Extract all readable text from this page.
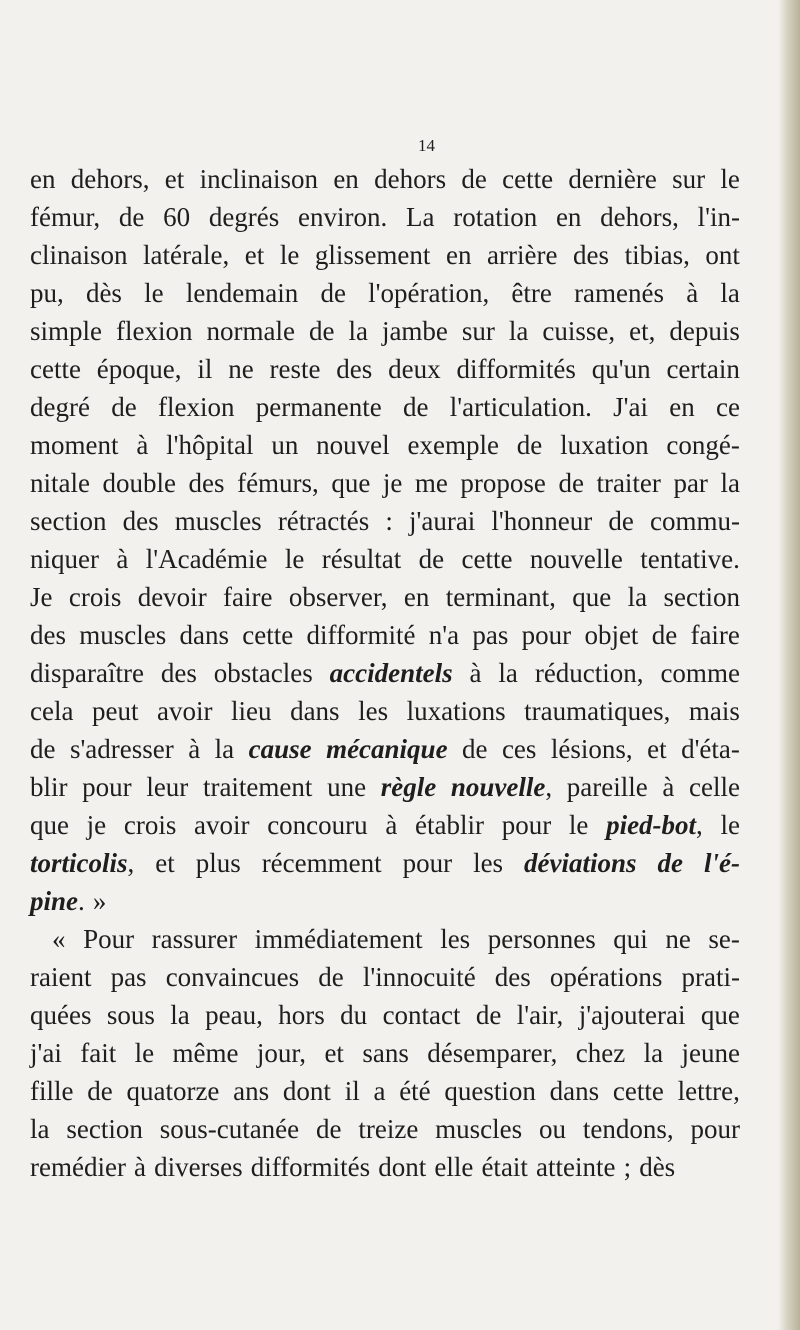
14
en dehors, et inclinaison en dehors de cette dernière sur le
fémur, de 60 degrés environ. La rotation en dehors, l'in-
clinaison latérale, et le glissement en arrière des tibias, ont
pu, dès le lendemain de l'opération, être ramenés à la
simple flexion normale de la jambe sur la cuisse, et, depuis
cette époque, il ne reste des deux difformités qu'un certain
degré de flexion permanente de l'articulation. J'ai en ce
moment à l'hôpital un nouvel exemple de luxation congé-
nitale double des fémurs, que je me propose de traiter par la
section des muscles rétractés : j'aurai l'honneur de commu-
niquer à l'Académie le résultat de cette nouvelle tentative.
Je crois devoir faire observer, en terminant, que la section
des muscles dans cette difformité n'a pas pour objet de faire
disparaître des obstacles accidentels à la réduction, comme
cela peut avoir lieu dans les luxations traumatiques, mais
de s'adresser à la cause mécanique de ces lésions, et d'éta-
blir pour leur traitement une règle nouvelle, pareille à celle
que je crois avoir concouru à établir pour le pied-bot, le
torticolis, et plus récemment pour les déviations de l'é-
pine. »
« Pour rassurer immédiatement les personnes qui ne se-
raient pas convaincues de l'innocuité des opérations prati-
quées sous la peau, hors du contact de l'air, j'ajouterai que
j'ai fait le même jour, et sans désemparer, chez la jeune
fille de quatorze ans dont il a été question dans cette lettre,
la section sous-cutanée de treize muscles ou tendons, pour
remédier à diverses difformités dont elle était atteinte ; dès
